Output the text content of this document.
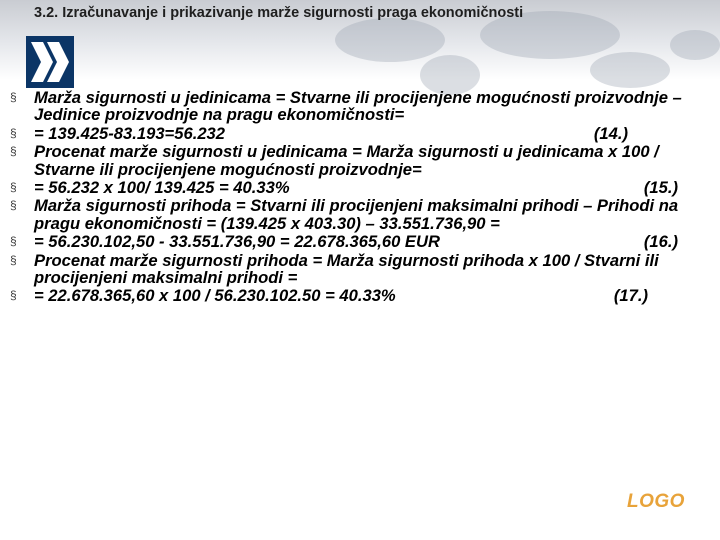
3.2. Izračunavanje i prikazivanje marže sigurnosti praga ekonomičnosti
§ Marža sigurnosti u jedinicama = Stvarne ili procijenjene mogućnosti proizvodnje – Jedinice proizvodnje na pragu ekonomičnosti=
§ = 139.425-83.193=56.232	(14.)
§ Procenat marže sigurnosti u jedinicama = Marža sigurnosti u jedinicama x 100 / Stvarne ili procijenjene mogućnosti proizvodnje=
§ = 56.232 x 100/ 139.425 = 40.33%	(15.)
§ Marža sigurnosti prihoda = Stvarni ili procijenjeni maksimalni prihodi – Prihodi na pragu ekonomičnosti = (139.425 x 403.30) – 33.551.736,90 =
§ = 56.230.102,50 - 33.551.736,90 = 22.678.365,60 EUR	(16.)
§ Procenat marže sigurnosti prihoda = Marža sigurnosti prihoda x 100 / Stvarni ili procijenjeni maksimalni prihodi =
§ = 22.678.365,60 x 100 / 56.230.102.50 = 40.33%	(17.)
LOGO
